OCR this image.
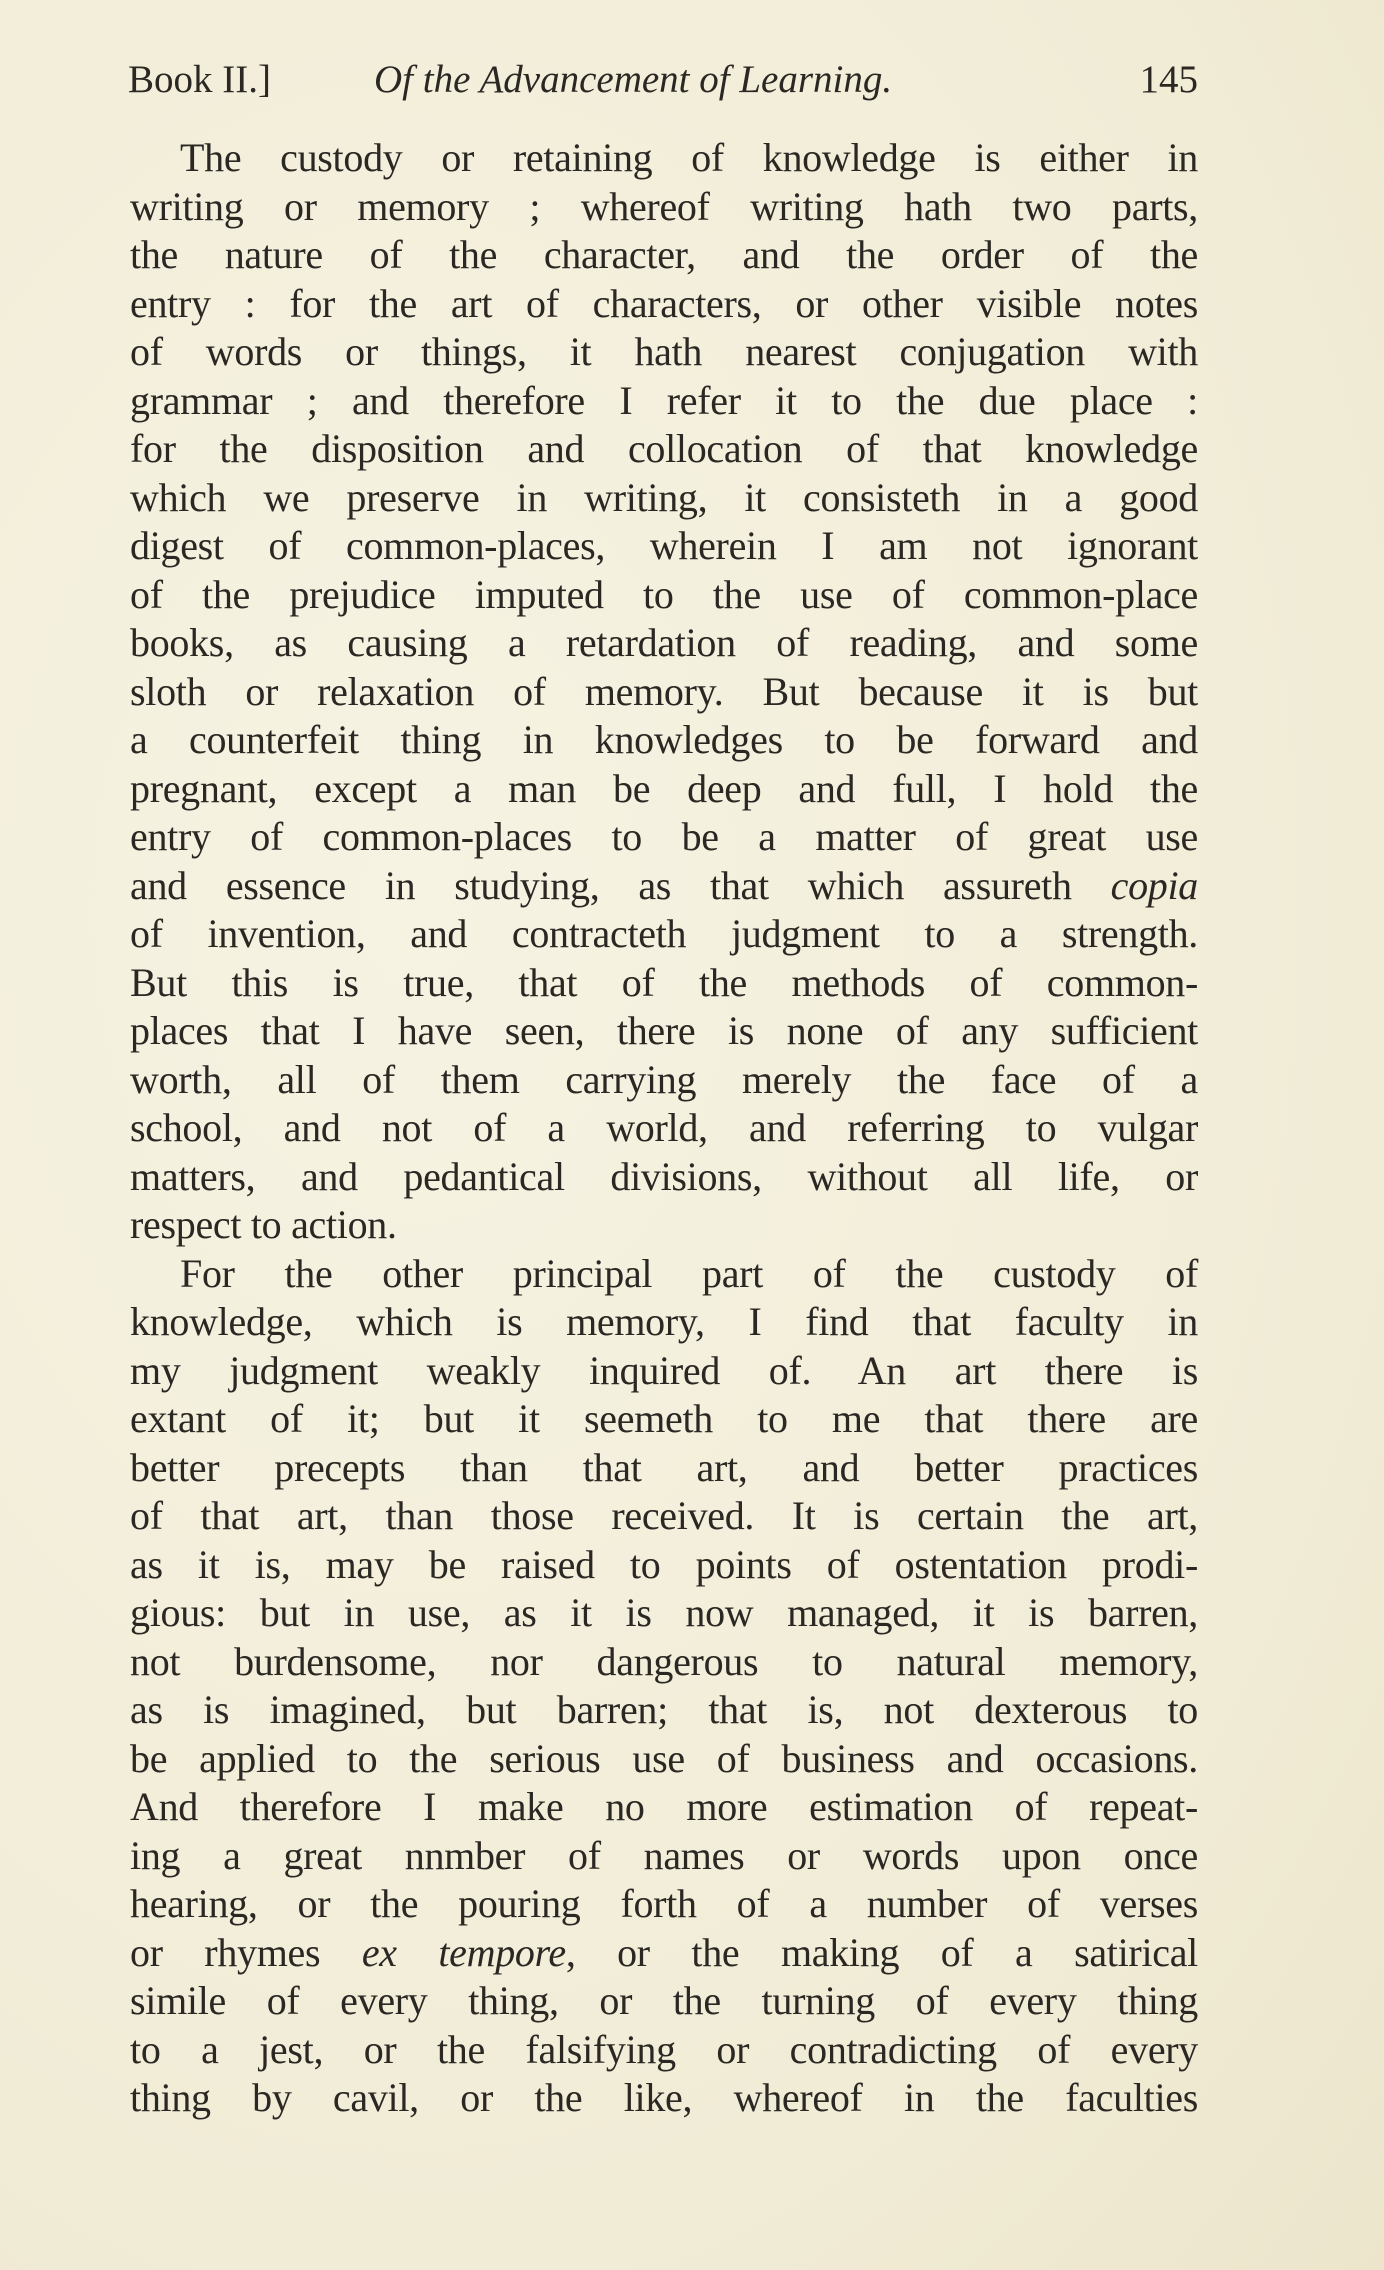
Book II.]	Of the Advancement of Learning.	145
The custody or retaining of knowledge is either in
writing or memory ; whereof writing hath two parts,
the nature of the character, and the order of the
entry : for the art of characters, or other visible notes
of words or things, it hath nearest conjugation with
grammar ; and therefore I refer it to the due place :
for the disposition and collocation of that knowledge
which we preserve in writing, it consisteth in a good
digest of common-places, wherein I am not ignorant
of the prejudice imputed to the use of common-place
books, as causing a retardation of reading, and some
sloth or relaxation of memory. But because it is but
a counterfeit thing in knowledges to be forward and
pregnant, except a man be deep and full, I hold the
entry of common-places to be a matter of great use
and essence in studying, as that which assureth copia
of invention, and contracteth judgment to a strength.
But this is true, that of the methods of common-
places that I have seen, there is none of any sufficient
worth, all of them carrying merely the face of a
school, and not of a world, and referring to vulgar
matters, and pedantical divisions, without all life, or
respect to action.
For the other principal part of the custody of
knowledge, which is memory, I find that faculty in
my judgment weakly inquired of. An art there is
extant of it; but it seemeth to me that there are
better precepts than that art, and better practices
of that art, than those received. It is certain the art,
as it is, may be raised to points of ostentation prodi-
gious: but in use, as it is now managed, it is barren,
not burdensome, nor dangerous to natural memory,
as is imagined, but barren; that is, not dexterous to
be applied to the serious use of business and occasions.
And therefore I make no more estimation of repeat-
ing a great nnmber of names or words upon once
hearing, or the pouring forth of a number of verses
or rhymes ex tempore, or the making of a satirical
simile of every thing, or the turning of every thing
to a jest, or the falsifying or contradicting of every
thing by cavil, or the like, whereof in the faculties
